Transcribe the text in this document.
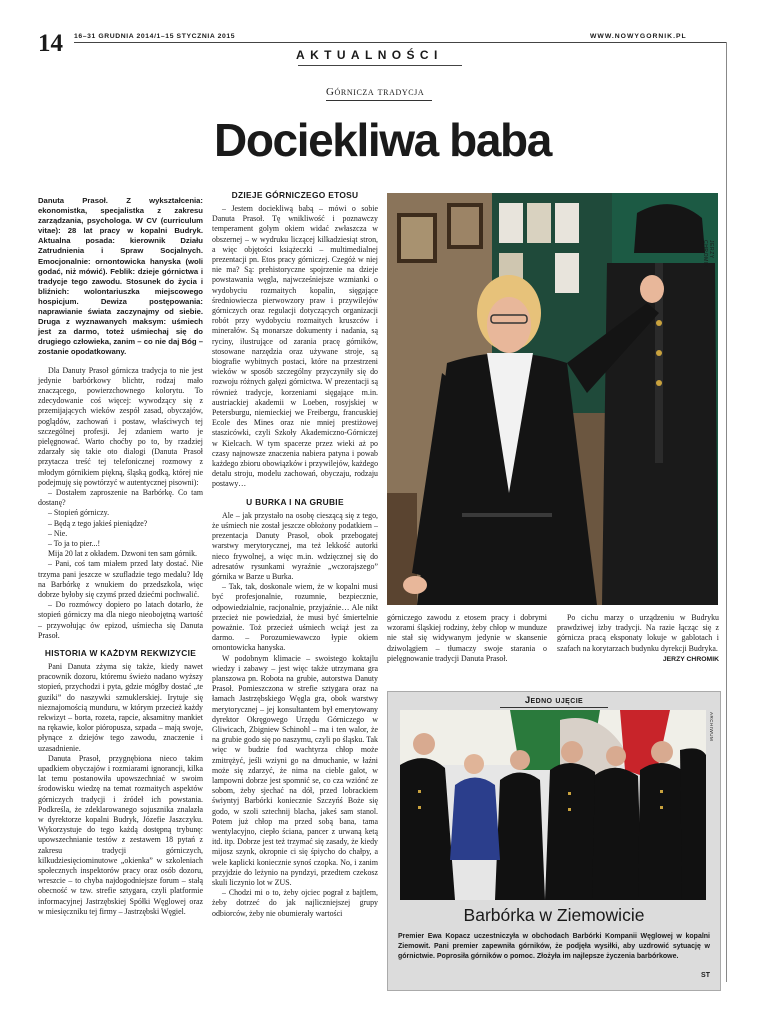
14 16–31 GRUDNIA 2014/1–15 STYCZNIA 2015	WWW.NOWYGORNIK.PL
AKTUALNOŚCI
Górnicza tradycja
Dociekliwa baba
Danuta Prasoł. Z wykształcenia: ekonomistka, specjalistka z zakresu zarządzania, psychologa. W CV (curriculum vitae): 28 lat pracy w kopalni Budryk. Aktualna posada: kierownik Działu Zatrudnienia i Spraw Socjalnych. Emocjonalnie: ornontowicka hanyska (woli godać, niż mówić). Feblik: dzieje górnictwa i tradycje tego zawodu. Stosunek do życia i bliźnich: wolontariuszka miejscowego hospicjum. Dewiza postępowania: naprawianie świata zaczynajmy od siebie. Druga z wyznawanych maksym: uśmiech jest za darmo, toteż uśmiechaj się do drugiego człowieka, zanim – co nie daj Bóg – zostanie opodatkowany.

Dla Danuty Prasoł górnicza tradycja to nie jest jedynie barbórkowy blichtr, rodzaj mało znaczącego, powierzchownego kolorytu. To zdecydowanie coś więcej: wywodzący się z przemijających wieków zespół zasad, obyczajów, poglądów, zachowań i postaw, właściwych tej szczególnej profesji. Jej zdaniem warto je pielęgnować. Warto choćby po to, by rzadziej zdarzały się takie oto dialogi (Danuta Prasoł przytacza treść tej telefonicznej rozmowy z młodym górnikiem piękną, śląską godką, której nie podejmuję się powtórzyć w autentycznej pisowni):

– Dostałem zaproszenie na Barbórkę. Co tam dostanę?

– Stopień górniczy.

– Będą z tego jakieś pieniądze?

– Nie.

– To ja to pier...!

Mija 20 lat z okładem. Dzwoni ten sam górnik.

– Pani, coś tam miałem przed laty dostać. Nie trzyma pani jeszcze w szufladzie tego medalu? Idę na Barbórkę z wnukiem do przedszkola, więc dobrze byłoby się czymś przed dziećmi pochwalić.

– Do rozmówcy dopiero po latach dotarło, że stopień górniczy ma dla niego nieobojętną wartość – przywołując ów epizod, uśmiecha się Danuta Prasoł.

HISTORIA W KAŻDYM REKWIZYCIE

Pani Danuta zżyma się także, kiedy nawet pracownik dozoru, któremu świeżo nadano wyższy stopień, przychodzi i pyta, gdzie mógłby dostać „te guziki” do naszywki szmuklerskiej. Irytuje się nieznajomością munduru, w którym przecież każdy rekwizyt – borta, rozeta, rapcie, aksamitny mankiet na rękawie, kolor pióropusza, szpada – mają swoje, płynące z dziejów tego zawodu, znaczenie i uzasadnienie.

Danuta Prasoł, przygnębiona niecо takim upadkiem obyczajów i rozmiarami ignorancji, kilka lat temu postanowiła upowszechniać w swoim środowisku wiedzę na temat rozmaitych aspektów górniczych tradycji i źródeł ich powstania. Podkreśla, że zdeklarowanego sojusznika znalazła w dyrektorze kopalni Budryk, Józefie Jaszczyku. Wykorzystuje do tego każdą dostępną trybunę: upowszechnianie testów z zestawem 18 pytań z zakresu tradycji górniczych, kilkudziesięciominutowe „okienka” w szkoleniach społecznych inspektorów pracy oraz osób dozoru, wreszcie – to chyba najdogodniejsze forum – stałą obecność w tzw. strefie sztygara, czyli platformie informacyjnej Jastrzębskiej Spółki Węglowej oraz w miesięczniku tej firmy – Jastrzębski Węgiel.

DZIEJE GÓRNICZEGO ETOSU

– Jestem dociekliwą babą – mówi o sobie Danuta Prasoł. Tę wnikliwość i poznawczy temperament golym okiem widać zwłaszcza w obszernej – w wydruku liczącej kilkadziesiąt stron, a więc objętości książeczki – multimedialnej prezentacji pn. Etos pracy górniczej. Czegóż w niej nie ma? Są: prehistoryczne spojrzenie na dzieje powstawania węgla, najwcześniejsze wzmianki o wydobyciu rozmaitych kopalin, sięgające średniowiecza pierwowzory praw i przywilejów górniczych oraz regulacji dotyczących organizacji robót przy wydobyciu rozmaitych kruszców i minerałów. Są monarsze dokumenty i nadania, są ryciny, ilustrujące od zarania pracę górników, stosowane narzędzia oraz używane stroje, są biografie wybitnych postaci, które na przestrzeni wieków w sposób szczególny przyczyniły się do rozwoju różnych gałęzi górnictwa. W prezentacji są również tradycje, korzeniami sięgające m.in. austriackiej akademii w Loeben, rosyjskiej w Petersburgu, niemieckiej we Freibergu, francuskiej Ecole des Mines oraz nie mniej prestiżowej staszicówki, czyli Szkoły Akademiczno-Górniczej w Kielcach. W tym spacerze przez wieki aż po czasy najnowsze znaczenia nabiera patyna i powab każdego zbioru obowiązków i przywilejów, każdego detalu stroju, modelu zachowań, obyczaju, rodzaju postawy…

U BURKA I NA GRUBIE

Ale – jak przystało na osobę cieszącą się z tego, że uśmiech nie został jeszcze obłożony podatkiem – prezentacja Danuty Prasoł, obok przebogatej warstwy merytorycznej, ma też lekkość autorki nieco frywolnej, a więc m.in. wdzięcznej się do adresatów rysunkami wyraźnie „wczorajszego” górnika w Barze u Burka.

– Tak, tak, doskonale wiem, że w kopalni musi być profesjonalnie, rozumnie, bezpiecznie, odpowiedzialnie, racjonalnie, przyjaźnie… Ale nikt przecież nie powiedział, że musi być śmiertelnie poważnie. Toż przecież uśmiech wciąż jest za darmo. – Porozumiewawczo łypie okiem ornontowicka hanyska.

W podobnym klimacie – swoistego koktajlu wiedzy i zabawy – jest więc także utrzymana gra planszowa pn. Robota na grubie, autorstwa Danuty Prasoł. Pomieszczona w strefie sztygara oraz na łamach Jastrzębskiego Węgla gra, obok warstwy merytorycznej – jej konsultantem był emerytowany dyrektor Okręgowego Urzędu Górniczego w Gliwicach, Zbigniew Schinohl – ma i ten walor, że na grubie godo się po naszymu, czyli po śląsku. Tak więc w budzie fod wachtyrza chłop może zmitrężyć, jeśli wziyni go na dmuchanie, w łaźni może się zdarzyć, że nima na cieble galot, w lampowni dobrze jest spomnić se, co cza wziónć ze sobom, żeby sjechać na dół, przed lobrackiem świyntyj Barbórki koniecznie Szczyńś Boże się godo, w szoli sztechnij blacha, jakeś sam stanol. Potem już chłop ma przed sobą bana, tama wentylacyjno, ciepło ściana, pancer z urwaną ketą itd. itp. Dobrze jest też trzymać się zasady, że kiedy mijosz szynk, okropnie ci się śpiycho do chałpy, a wele kaplicki koniecznie synoś czopka. No, i zanim przyjdzie do leżynio na pyndzyi, przedtem czekosz skuli liczynio lot w ZUS.

– Chodzi mi o to, żeby ojciec pograł z bajtlem, żeby dotrzeć do jak najliczniejszej grupy odbiorców, żeby nie obumierały wartości

JERZY CHROMIK

górniczego zawodu z etosem pracy i dobrymi wzorami śląskiej rodziny, żeby chłop w munduze nie stał się widywanym jedynie w skansenie dziwolągiem – tłumaczy swoje starania o pielęgnowanie tradycji Danuta Prasoł.

Po cichu marzy o urządzeniu w Budryku prawdziwej izby tradycji. Na razie łącząc się z górnicza pracą eksponaty lokuje w gablotach i szafach na korytarzach budynku dyrekcji Budryka.

JERZY CHROMIK
Jedno ujęcie
ARCHIWUM
Barbórka w Ziemowicie
Premier Ewa Kopacz uczestniczyła w obchodach Barbórki Kompanii Węglowej w kopalni Ziemowit. Pani premier zapewniła górników, że podjęła wysiłki, aby uzdrowić sytuację w górnictwie. Poprosiła górników o pomoc. Złożyła im najlepsze życzenia barbórkowe.
ST
